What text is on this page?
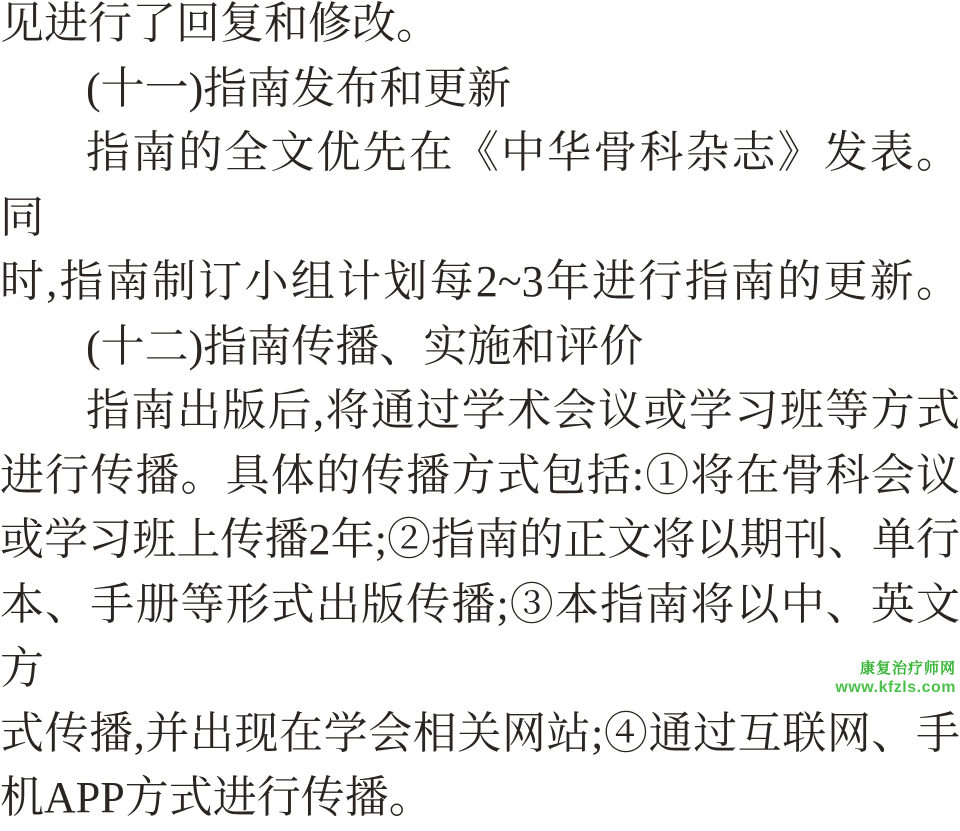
见进行了回复和修改。
(十一)指南发布和更新
指南的全文优先在《中华骨科杂志》发表。同
时,指南制订小组计划每2~3年进行指南的更新。
(十二)指南传播、实施和评价
指南出版后,将通过学术会议或学习班等方式
进行传播。具体的传播方式包括:①将在骨科会议
或学习班上传播2年;②指南的正文将以期刊、单行
本、手册等形式出版传播;③本指南将以中、英文方
式传播,并出现在学会相关网站;④通过互联网、手
机APP方式进行传播。
康复治疗师网
www.kfzls.com
